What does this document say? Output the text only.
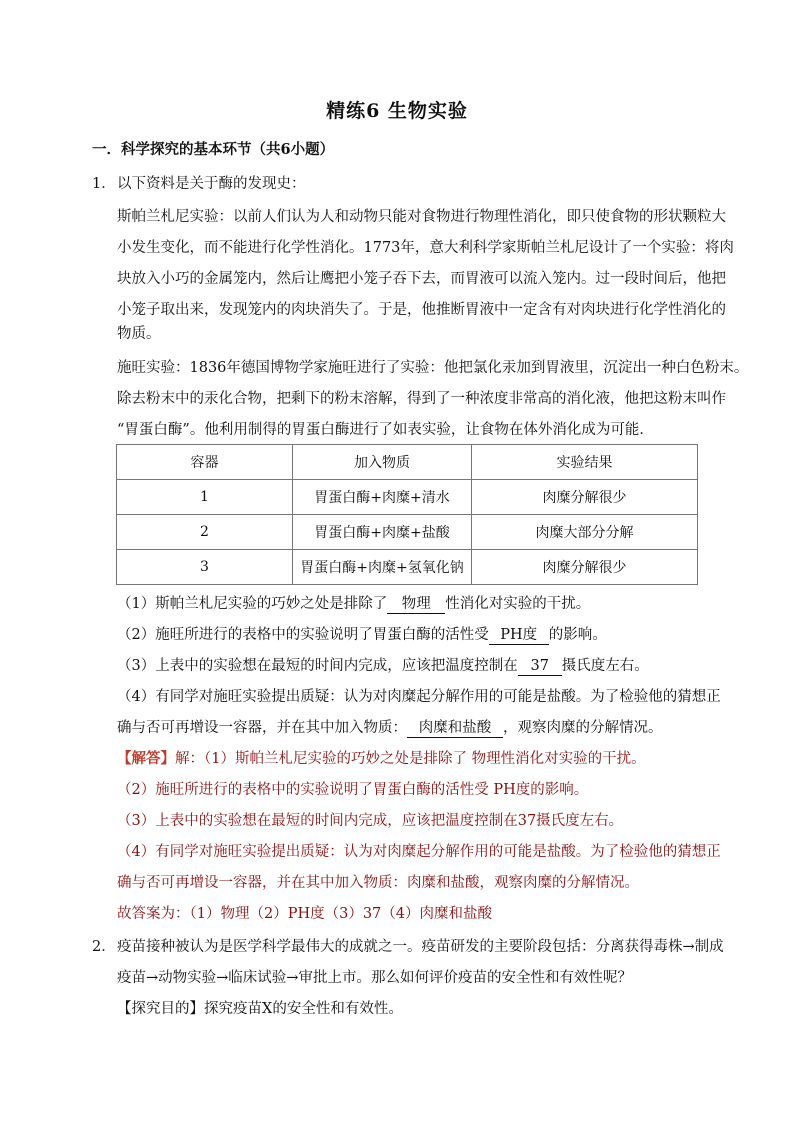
精练6 生物实验
一．科学探究的基本环节（共6小题）
1． 以下资料是关于酶的发现史：
斯帕兰札尼实验：以前人们认为人和动物只能对食物进行物理性消化，即只使食物的形状颗粒大
小发生变化，而不能进行化学性消化。1773年，意大利科学家斯帕兰札尼设计了一个实验：将肉
块放入小巧的金属笼内，然后让鹰把小笼子吞下去，而胃液可以流入笼内。过一段时间后，他把
小笼子取出来，发现笼内的肉块消失了。于是，他推断胃液中一定含有对肉块进行化学性消化的
物质。
施旺实验：1836年德国博物学家施旺进行了实验：他把氯化汞加到胃液里，沉淀出一种白色粉末。
除去粉末中的汞化合物，把剩下的粉末溶解，得到了一种浓度非常高的消化液，他把这粉末叫作
“胃蛋白酶”。他利用制得的胃蛋白酶进行了如表实验，让食物在体外消化成为可能．
容器	加入物质	实验结果
1	胃蛋白酶+肉糜+清水	肉糜分解很少
2	胃蛋白酶+肉糜+盐酸	肉糜大部分分解
3	胃蛋白酶+肉糜+氢氧化钠	肉糜分解很少
（1）斯帕兰札尼实验的巧妙之处是排除了 物理 性消化对实验的干扰。
（2）施旺所进行的表格中的实验说明了胃蛋白酶的活性受 PH度 的影响。
（3）上表中的实验想在最短的时间内完成，应该把温度控制在 37 摄氏度左右。
（4）有同学对施旺实验提出质疑：认为对肉糜起分解作用的可能是盐酸。为了检验他的猜想正
确与否可再增设一容器，并在其中加入物质： 肉糜和盐酸 ，观察肉糜的分解情况。
【解答】解：（1）斯帕兰札尼实验的巧妙之处是排除了 物理性消化对实验的干扰。
（2）施旺所进行的表格中的实验说明了胃蛋白酶的活性受 PH度的影响。
（3）上表中的实验想在最短的时间内完成，应该把温度控制在37摄氏度左右。
（4）有同学对施旺实验提出质疑：认为对肉糜起分解作用的可能是盐酸。为了检验他的猜想正
确与否可再增设一容器，并在其中加入物质：肉糜和盐酸，观察肉糜的分解情况。
故答案为：（1）物理（2）PH度（3）37（4）肉糜和盐酸
2． 疫苗接种被认为是医学科学最伟大的成就之一。疫苗研发的主要阶段包括：分离获得毒株→制成
疫苗→动物实验→临床试验→审批上市。那么如何评价疫苗的安全性和有效性呢？
【探究目的】探究疫苗X的安全性和有效性。
